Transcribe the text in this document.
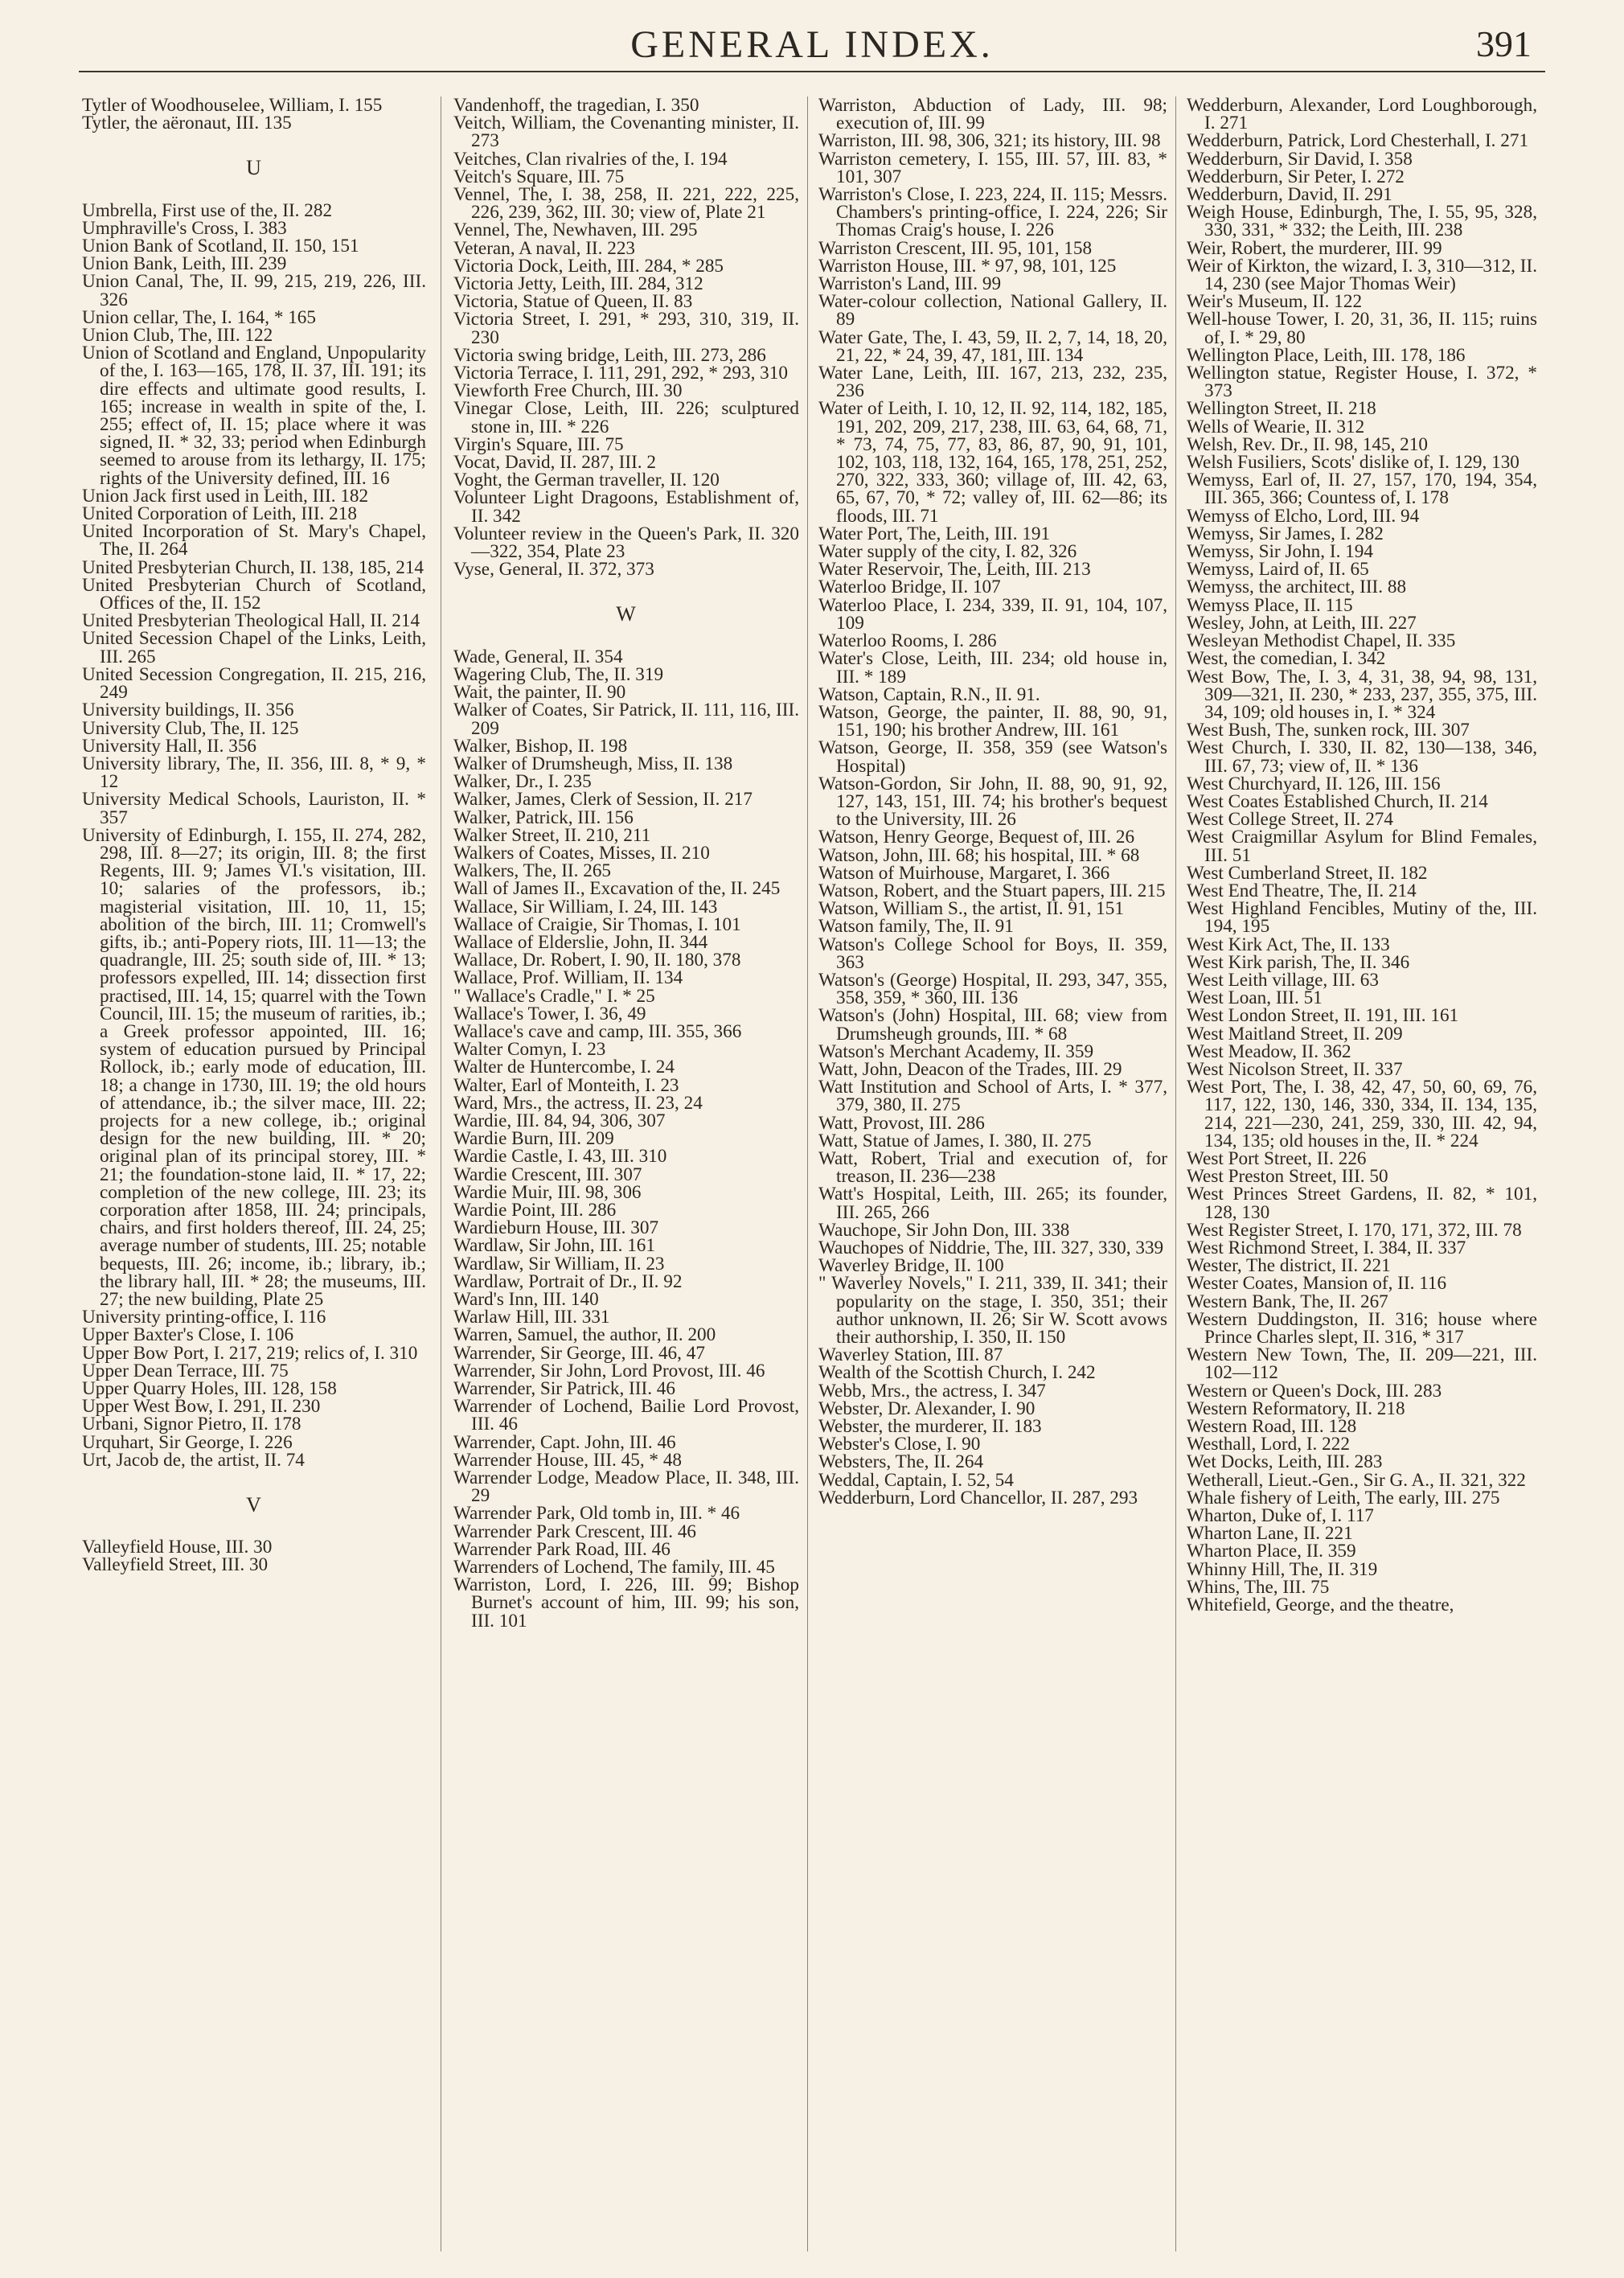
GENERAL INDEX.	391
Tytler of Woodhouselee, William, I. 155
Tytler, the aëronaut, III. 135
U
Umbrella, First use of the, II. 282
Umphraville's Cross, I. 383
Union Bank of Scotland, II. 150, 151
Union Bank, Leith, III. 239
Union Canal, The, II. 99, 215, 219, 226, III. 326
Union cellar, The, I. 164, * 165
Union Club, The, III. 122
Union of Scotland and England, Unpopularity of the, I. 163—165, 178, II. 37, III. 191; its dire effects and ultimate good results, I. 165; increase in wealth in spite of the, I. 255; effect of, II. 15; place where it was signed, II. * 32, 33; period when Edinburgh seemed to arouse from its lethargy, II. 175; rights of the University defined, III. 16
Union Jack first used in Leith, III. 182
United Corporation of Leith, III. 218
United Incorporation of St. Mary's Chapel, The, II. 264
United Presbyterian Church, II. 138, 185, 214
United Presbyterian Church of Scotland, Offices of the, II. 152
United Presbyterian Theological Hall, II. 214
United Secession Chapel of the Links, Leith, III. 265
United Secession Congregation, II. 215, 216, 249
University buildings, II. 356
University Club, The, II. 125
University Hall, II. 356
University library, The, II. 356, III. 8, * 9, * 12
University Medical Schools, Lauriston, II. * 357
University of Edinburgh, I. 155, II. 274, 282, 298, III. 8—27; its origin, III. 8; the first Regents, III. 9; James VI.'s visitation, III. 10; salaries of the professors, ib.; magisterial visitation, III. 10, 11, 15; abolition of the birch, III. 11; Cromwell's gifts, ib.; anti-Popery riots, III. 11—13; the quadrangle, III. 25; south side of, III. * 13; professors expelled, III. 14; dissection first practised, III. 14, 15; quarrel with the Town Council, III. 15; the museum of rarities, ib.; a Greek professor appointed, III. 16; system of education pursued by Principal Rollock, ib.; early mode of education, III. 18; a change in 1730, III. 19; the old hours of attendance, ib.; the silver mace, III. 22; projects for a new college, ib.; original design for the new building, III. * 20; original plan of its principal storey, III. * 21; the foundation-stone laid, II. * 17, 22; completion of the new college, III. 23; its corporation after 1858, III. 24; principals, chairs, and first holders thereof, III. 24, 25; average number of students, III. 25; notable bequests, III. 26; income, ib.; library, ib.; the library hall, III. * 28; the museums, III. 27; the new building, Plate 25
University printing-office, I. 116
Upper Baxter's Close, I. 106
Upper Bow Port, I. 217, 219; relics of, I. 310
Upper Dean Terrace, III. 75
Upper Quarry Holes, III. 128, 158
Upper West Bow, I. 291, II. 230
Urbani, Signor Pietro, II. 178
Urquhart, Sir George, I. 226
Urt, Jacob de, the artist, II. 74
V
Valleyfield House, III. 30
Valleyfield Street, III. 30
Vandenhoff, the tragedian, I. 350
Veitch, William, the Covenanting minister, II. 273
Veitches, Clan rivalries of the, I. 194
Veitch's Square, III. 75
Vennel, The, I. 38, 258, II. 221, 222, 225, 226, 239, 362, III. 30; view of, Plate 21
Vennel, The, Newhaven, III. 295
Veteran, A naval, II. 223
Victoria Dock, Leith, III. 284, * 285
Victoria Jetty, Leith, III. 284, 312
Victoria, Statue of Queen, II. 83
Victoria Street, I. 291, * 293, 310, 319, II. 230
Victoria swing bridge, Leith, III. 273, 286
Victoria Terrace, I. 111, 291, 292, * 293, 310
Viewforth Free Church, III. 30
Vinegar Close, Leith, III. 226; sculptured stone in, III. * 226
Virgin's Square, III. 75
Vocat, David, II. 287, III. 2
Voght, the German traveller, II. 120
Volunteer Light Dragoons, Establishment of, II. 342
Volunteer review in the Queen's Park, II. 320—322, 354, Plate 23
Vyse, General, II. 372, 373
W
Wade, General, II. 354
Wagering Club, The, II. 319
Wait, the painter, II. 90
Walker of Coates, Sir Patrick, II. 111, 116, III. 209
Walker, Bishop, II. 198
Walker of Drumsheugh, Miss, II. 138
Walker, Dr., I. 235
Walker, James, Clerk of Session, II. 217
Walker, Patrick, III. 156
Walker Street, II. 210, 211
Walkers of Coates, Misses, II. 210
Walkers, The, II. 265
Wall of James II., Excavation of the, II. 245
Wallace, Sir William, I. 24, III. 143
Wallace of Craigie, Sir Thomas, I. 101
Wallace of Elderslie, John, II. 344
Wallace, Dr. Robert, I. 90, II. 180, 378
Wallace, Prof. William, II. 134
" Wallace's Cradle," I. * 25
Wallace's Tower, I. 36, 49
Wallace's cave and camp, III. 355, 366
Walter Comyn, I. 23
Walter de Huntercombe, I. 24
Walter, Earl of Monteith, I. 23
Ward, Mrs., the actress, II. 23, 24
Wardie, III. 84, 94, 306, 307
Wardie Burn, III. 209
Wardie Castle, I. 43, III. 310
Wardie Crescent, III. 307
Wardie Muir, III. 98, 306
Wardie Point, III. 286
Wardieburn House, III. 307
Wardlaw, Sir John, III. 161
Wardlaw, Sir William, II. 23
Wardlaw, Portrait of Dr., II. 92
Ward's Inn, III. 140
Warlaw Hill, III. 331
Warren, Samuel, the author, II. 200
Warrender, Sir George, III. 46, 47
Warrender, Sir John, Lord Provost, III. 46
Warrender, Sir Patrick, III. 46
Warrender of Lochend, Bailie Lord Provost, III. 46
Warrender, Capt. John, III. 46
Warrender House, III. 45, * 48
Warrender Lodge, Meadow Place, II. 348, III. 29
Warrender Park, Old tomb in, III. * 46
Warrender Park Crescent, III. 46
Warrender Park Road, III. 46
Warrenders of Lochend, The family, III. 45
Warriston, Lord, I. 226, III. 99; Bishop Burnet's account of him, III. 99; his son, III. 101
Warriston, Abduction of Lady, III. 98; execution of, III. 99
Warriston, III. 98, 306, 321; its history, III. 98
Warriston cemetery, I. 155, III. 57, III. 83, * 101, 307
Warriston's Close, I. 223, 224, II. 115; Messrs. Chambers's printing-office, I. 224, 226; Sir Thomas Craig's house, I. 226
Warriston Crescent, III. 95, 101, 158
Warriston House, III. * 97, 98, 101, 125
Warriston's Land, III. 99
Water-colour collection, National Gallery, II. 89
Water Gate, The, I. 43, 59, II. 2, 7, 14, 18, 20, 21, 22, * 24, 39, 47, 181, III. 134
Water Lane, Leith, III. 167, 213, 232, 235, 236
Water of Leith, I. 10, 12, II. 92, 114, 182, 185, 191, 202, 209, 217, 238, III. 63, 64, 68, 71, * 73, 74, 75, 77, 83, 86, 87, 90, 91, 101, 102, 103, 118, 132, 164, 165, 178, 251, 252, 270, 322, 333, 360; village of, III. 42, 63, 65, 67, 70, * 72; valley of, III. 62—86; its floods, III. 71
Water Port, The, Leith, III. 191
Water supply of the city, I. 82, 326
Water Reservoir, The, Leith, III. 213
Waterloo Bridge, II. 107
Waterloo Place, I. 234, 339, II. 91, 104, 107, 109
Waterloo Rooms, I. 286
Water's Close, Leith, III. 234; old house in, III. * 189
Watson, Captain, R.N., II. 91.
Watson, George, the painter, II. 88, 90, 91, 151, 190; his brother Andrew, III. 161
Watson, George, II. 358, 359 (see Watson's Hospital)
Watson-Gordon, Sir John, II. 88, 90, 91, 92, 127, 143, 151, III. 74; his brother's bequest to the University, III. 26
Watson, Henry George, Bequest of, III. 26
Watson, John, III. 68; his hospital, III. * 68
Watson of Muirhouse, Margaret, I. 366
Watson, Robert, and the Stuart papers, III. 215
Watson, William S., the artist, II. 91, 151
Watson family, The, II. 91
Watson's College School for Boys, II. 359, 363
Watson's (George) Hospital, II. 293, 347, 355, 358, 359, * 360, III. 136
Watson's (John) Hospital, III. 68; view from Drumsheugh grounds, III. * 68
Watson's Merchant Academy, II. 359
Watt, John, Deacon of the Trades, III. 29
Watt Institution and School of Arts, I. * 377, 379, 380, II. 275
Watt, Provost, III. 286
Watt, Statue of James, I. 380, II. 275
Watt, Robert, Trial and execution of, for treason, II. 236—238
Watt's Hospital, Leith, III. 265; its founder, III. 265, 266
Wauchope, Sir John Don, III. 338
Wauchopes of Niddrie, The, III. 327, 330, 339
Waverley Bridge, II. 100
" Waverley Novels," I. 211, 339, II. 341; their popularity on the stage, I. 350, 351; their author unknown, II. 26; Sir W. Scott avows their authorship, I. 350, II. 150
Waverley Station, III. 87
Wealth of the Scottish Church, I. 242
Webb, Mrs., the actress, I. 347
Webster, Dr. Alexander, I. 90
Webster, the murderer, II. 183
Webster's Close, I. 90
Websters, The, II. 264
Weddal, Captain, I. 52, 54
Wedderburn, Lord Chancellor, II. 287, 293
Wedderburn, Alexander, Lord Loughborough, I. 271
Wedderburn, Patrick, Lord Chesterhall, I. 271
Wedderburn, Sir David, I. 358
Wedderburn, Sir Peter, I. 272
Wedderburn, David, II. 291
Weigh House, Edinburgh, The, I. 55, 95, 328, 330, 331, * 332; the Leith, III. 238
Weir, Robert, the murderer, III. 99
Weir of Kirkton, the wizard, I. 3, 310—312, II. 14, 230 (see Major Thomas Weir)
Weir's Museum, II. 122
Well-house Tower, I. 20, 31, 36, II. 115; ruins of, I. * 29, 80
Wellington Place, Leith, III. 178, 186
Wellington statue, Register House, I. 372, * 373
Wellington Street, II. 218
Wells of Wearie, II. 312
Welsh, Rev. Dr., II. 98, 145, 210
Welsh Fusiliers, Scots' dislike of, I. 129, 130
Wemyss, Earl of, II. 27, 157, 170, 194, 354, III. 365, 366; Countess of, I. 178
Wemyss of Elcho, Lord, III. 94
Wemyss, Sir James, I. 282
Wemyss, Sir John, I. 194
Wemyss, Laird of, II. 65
Wemyss, the architect, III. 88
Wemyss Place, II. 115
Wesley, John, at Leith, III. 227
Wesleyan Methodist Chapel, II. 335
West, the comedian, I. 342
West Bow, The, I. 3, 4, 31, 38, 94, 98, 131, 309—321, II. 230, * 233, 237, 355, 375, III. 34, 109; old houses in, I. * 324
West Bush, The, sunken rock, III. 307
West Church, I. 330, II. 82, 130—138, 346, III. 67, 73; view of, II. * 136
West Churchyard, II. 126, III. 156
West Coates Established Church, II. 214
West College Street, II. 274
West Craigmillar Asylum for Blind Females, III. 51
West Cumberland Street, II. 182
West End Theatre, The, II. 214
West Highland Fencibles, Mutiny of the, III. 194, 195
West Kirk Act, The, II. 133
West Kirk parish, The, II. 346
West Leith village, III. 63
West Loan, III. 51
West London Street, II. 191, III. 161
West Maitland Street, II. 209
West Meadow, II. 362
West Nicolson Street, II. 337
West Port, The, I. 38, 42, 47, 50, 60, 69, 76, 117, 122, 130, 146, 330, 334, II. 134, 135, 214, 221—230, 241, 259, 330, III. 42, 94, 134, 135; old houses in the, II. * 224
West Port Street, II. 226
West Preston Street, III. 50
West Princes Street Gardens, II. 82, * 101, 128, 130
West Register Street, I. 170, 171, 372, III. 78
West Richmond Street, I. 384, II. 337
Wester, The district, II. 221
Wester Coates, Mansion of, II. 116
Western Bank, The, II. 267
Western Duddingston, II. 316; house where Prince Charles slept, II. 316, * 317
Western New Town, The, II. 209—221, III. 102—112
Western or Queen's Dock, III. 283
Western Reformatory, II. 218
Western Road, III. 128
Westhall, Lord, I. 222
Wet Docks, Leith, III. 283
Wetherall, Lieut.-Gen., Sir G. A., II. 321, 322
Whale fishery of Leith, The early, III. 275
Wharton, Duke of, I. 117
Wharton Lane, II. 221
Wharton Place, II. 359
Whinny Hill, The, II. 319
Whins, The, III. 75
Whitefield, George, and the theatre,
